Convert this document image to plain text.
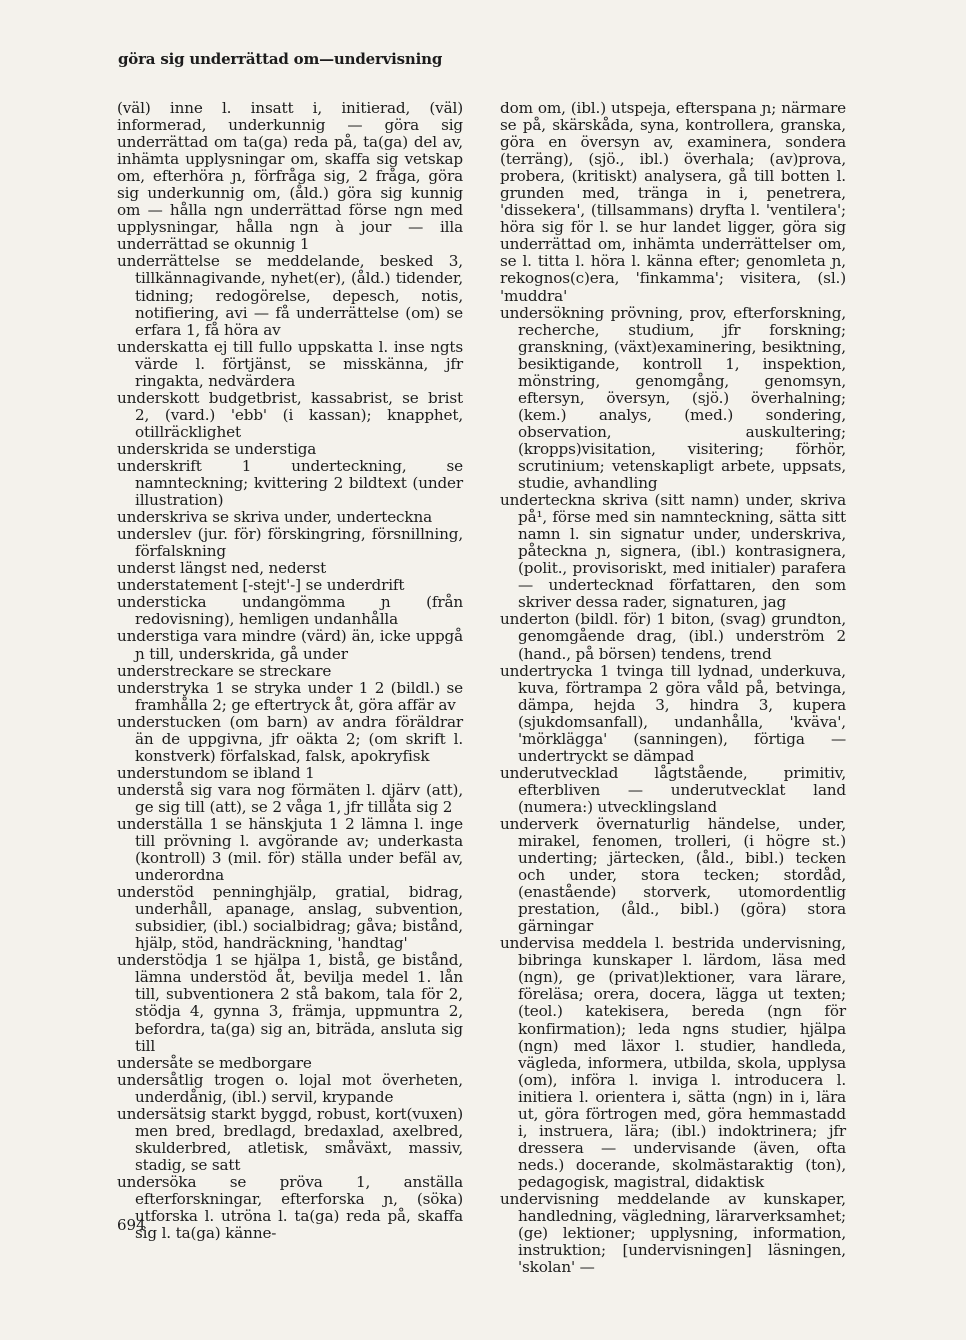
göra sig underrättad om—undervisning

(väl) inne l. insatt i, initierad, (väl) informerad, underkunnig — göra sig underrättad om ta(ga) reda på, ta(ga) del av, inhämta upplysningar om, skaffa sig vetskap om, efterhöra ɲ, förfråga sig, 2 fråga, göra sig underkunnig om, (åld.) göra sig kunnig om — hålla ngn underrättad förse ngn med upplysningar, hålla ngn à jour — illa underrättad se okunnig 1

underrättelse se meddelande, besked 3, tillkännagivande, nyhet(er), (åld.) tidender, tidning; redogörelse, depesch, notis, notifiering, avi — få underrättelse (om) se erfara 1, få höra av

underskatta ej till fullo uppskatta l. inse ngts värde l. förtjänst, se misskänna, jfr ringakta, nedvärdera

underskott budgetbrist, kassabrist, se brist 2, (vard.) 'ebb' (i kassan); knapphet, otillräcklighet

underskrida se understiga

underskrift 1 underteckning, se namnteckning; kvittering 2 bildtext (under illustration)

underskriva se skriva under, underteckna

underslev (jur. för) förskingring, försnillning, förfalskning

underst längst ned, nederst

understatement [-stejt'-] se underdrift

understicka undangömma ɲ (från redovisning), hemligen undanhålla

understiga vara mindre (värd) än, icke uppgå ɲ till, underskrida, gå under

understreckare se streckare

understryka 1 se stryka under 1 2 (bildl.) se framhålla 2; ge eftertryck åt, göra affär av

understucken (om barn) av andra föräldrar än de uppgivna, jfr oäkta 2; (om skrift l. konstverk) förfalskad, falsk, apokryfisk

understundom se ibland 1

understå sig vara nog förmäten l. djärv (att), ge sig till (att), se 2 våga 1, jfr tillåta sig 2

underställa 1 se hänskjuta 1 2 lämna l. inge till prövning l. avgörande av; underkasta (kontroll) 3 (mil. för) ställa under befäl av, underordna

understöd penninghjälp, gratial, bidrag, underhåll, apanage, anslag, subvention, subsidier, (ibl.) socialbidrag; gåva; bistånd, hjälp, stöd, handräckning, 'handtag'

understödja 1 se hjälpa 1, bistå, ge bistånd, lämna understöd åt, bevilja medel 1. lån till, subventionera 2 stå bakom, tala för 2, stödja 4, gynna 3, främja, uppmuntra 2, befordra, ta(ga) sig an, biträda, ansluta sig till

undersåte se medborgare

undersåtlig trogen o. lojal mot överheten, underdånig, (ibl.) servil, krypande

undersätsig starkt byggd, robust, kort(vuxen) men bred, bredlagd, bredaxlad, axelbred, skulderbred, atletisk, småväxt, massiv, stadig, se satt

undersöka se pröva 1, anställa efterforskningar, efterforska ɲ, (söka) utforska l. utröna l. ta(ga) reda på, skaffa sig l. ta(ga) känne-

dom om, (ibl.) utspeja, efterspana ɲ; närmare se på, skärskåda, syna, kontrollera, granska, göra en översyn av, examinera, sondera (terräng), (sjö., ibl.) överhala; (av)prova, probera, (kritiskt) analysera, gå till botten l. grunden med, tränga in i, penetrera, 'dissekera', (tillsammans) dryfta l. 'ventilera'; höra sig för l. se hur landet ligger, göra sig underrättad om, inhämta underrättelser om, se l. titta l. höra l. känna efter; genomleta ɲ, rekognos(c)era, 'finkamma'; visitera, (sl.) 'muddra'

undersökning prövning, prov, efterforskning, recherche, studium, jfr forskning; granskning, (växt)examinering, besiktning, besiktigande, kontroll 1, inspektion, mönstring, genomgång, genomsyn, eftersyn, översyn, (sjö.) överhalning; (kem.) analys, (med.) sondering, observation, auskultering; (kropps)visitation, visitering; förhör, scrutinium; vetenskapligt arbete, uppsats, studie, avhandling

underteckna skriva (sitt namn) under, skriva på¹, förse med sin namnteckning, sätta sitt namn l. sin signatur under, underskriva, påteckna ɲ, signera, (ibl.) kontrasignera, (polit., provisoriskt, med initialer) parafera — undertecknad författaren, den som skriver dessa rader, signaturen, jag

underton (bildl. för) 1 biton, (svag) grundton, genomgående drag, (ibl.) underström 2 (hand., på börsen) tendens, trend

undertrycka 1 tvinga till lydnad, underkuva, kuva, förtrampa 2 göra våld på, betvinga, dämpa, hejda 3, hindra 3, kupera (sjukdomsanfall), undanhålla, 'kväva', 'mörklägga' (sanningen), förtiga — undertryckt se dämpad

underutvecklad lågtstående, primitiv, efterbliven — underutvecklat land (numera:) utvecklingsland

underverk övernaturlig händelse, under, mirakel, fenomen, trolleri, (i högre st.) underting; järtecken, (åld., bibl.) tecken och under, stora tecken; stordåd, (enastående) storverk, utomordentlig prestation, (åld., bibl.) (göra) stora gärningar

undervisa meddela l. bestrida undervisning, bibringa kunskaper l. lärdom, läsa med (ngn), ge (privat)lektioner, vara lärare, föreläsa; orera, docera, lägga ut texten; (teol.) katekisera, bereda (ngn för konfirmation); leda ngns studier, hjälpa (ngn) med läxor l. studier, handleda, vägleda, informera, utbilda, skola, upplysa (om), införa l. inviga l. introducera l. initiera l. orientera i, sätta (ngn) in i, lära ut, göra förtrogen med, göra hemmastadd i, instruera, lära; (ibl.) indoktrinera; jfr dressera — undervisande (även, ofta neds.) docerande, skolmästaraktig (ton), pedagogisk, magistral, didaktisk

undervisning meddelande av kunskaper, handledning, vägledning, lärarverksamhet; (ge) lektioner; upplysning, information, instruktion; [undervisningen] läsningen, 'skolan' —

694
